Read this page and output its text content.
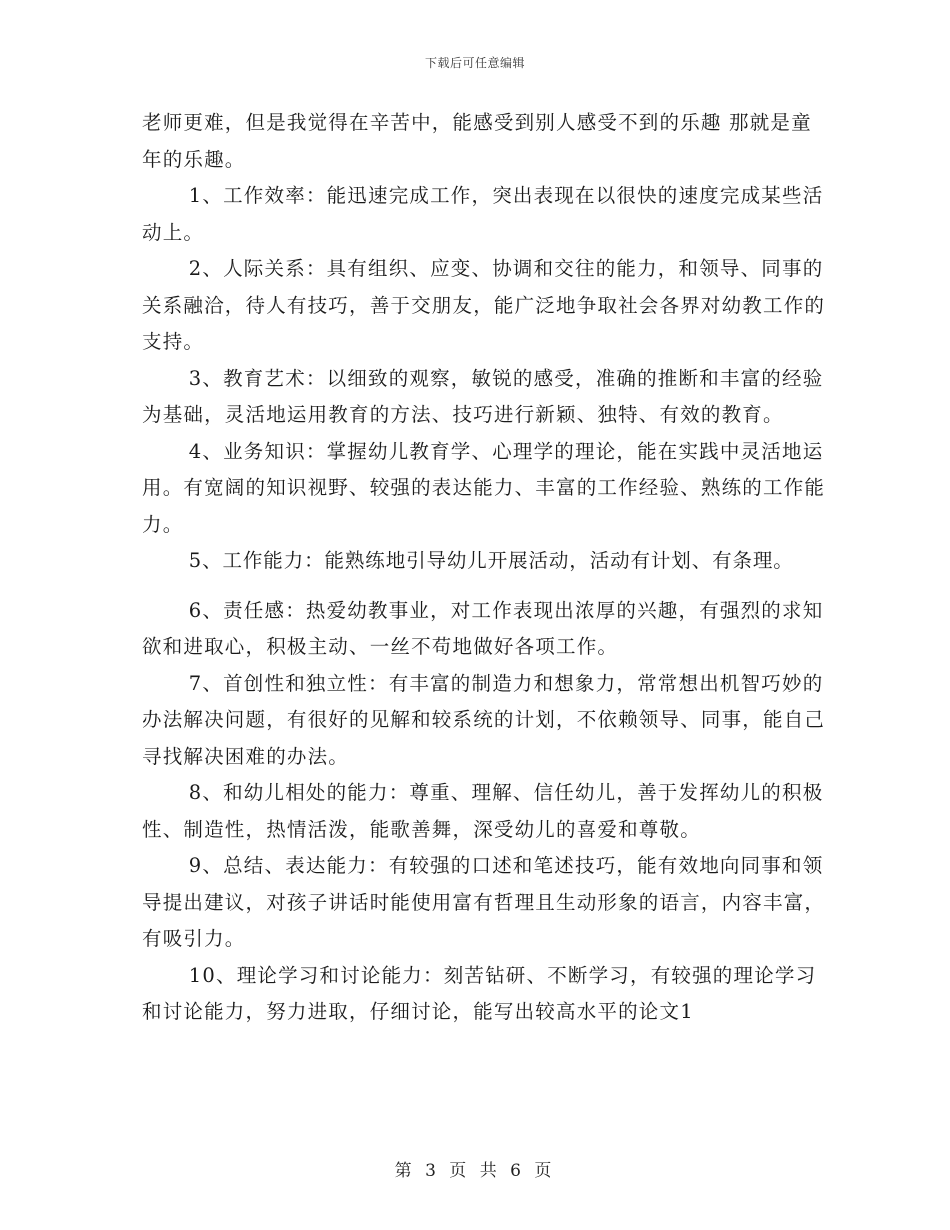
下载后可任意编辑

老师更难，但是我觉得在辛苦中，能感受到别人感受不到的乐趣 那就是童年的乐趣。

1、工作效率：能迅速完成工作，突出表现在以很快的速度完成某些活动上。

2、人际关系：具有组织、应变、协调和交往的能力，和领导、同事的关系融洽，待人有技巧，善于交朋友，能广泛地争取社会各界对幼教工作的支持。

3、教育艺术：以细致的观察，敏锐的感受，准确的推断和丰富的经验为基础，灵活地运用教育的方法、技巧进行新颖、独特、有效的教育。

4、业务知识：掌握幼儿教育学、心理学的理论，能在实践中灵活地运用。有宽阔的知识视野、较强的表达能力、丰富的工作经验、熟练的工作能力。

5、工作能力：能熟练地引导幼儿开展活动，活动有计划、有条理。

6、责任感：热爱幼教事业，对工作表现出浓厚的兴趣，有强烈的求知欲和进取心，积极主动、一丝不苟地做好各项工作。

7、首创性和独立性：有丰富的制造力和想象力，常常想出机智巧妙的办法解决问题，有很好的见解和较系统的计划，不依赖领导、同事，能自己寻找解决困难的办法。

8、和幼儿相处的能力：尊重、理解、信任幼儿，善于发挥幼儿的积极性、制造性，热情活泼，能歌善舞，深受幼儿的喜爱和尊敬。

9、总结、表达能力：有较强的口述和笔述技巧，能有效地向同事和领导提出建议，对孩子讲话时能使用富有哲理且生动形象的语言，内容丰富，有吸引力。

10、理论学习和讨论能力：刻苦钻研、不断学习，有较强的理论学习和讨论能力，努力进取，仔细讨论，能写出较高水平的论文1

第 3 页 共 6 页
